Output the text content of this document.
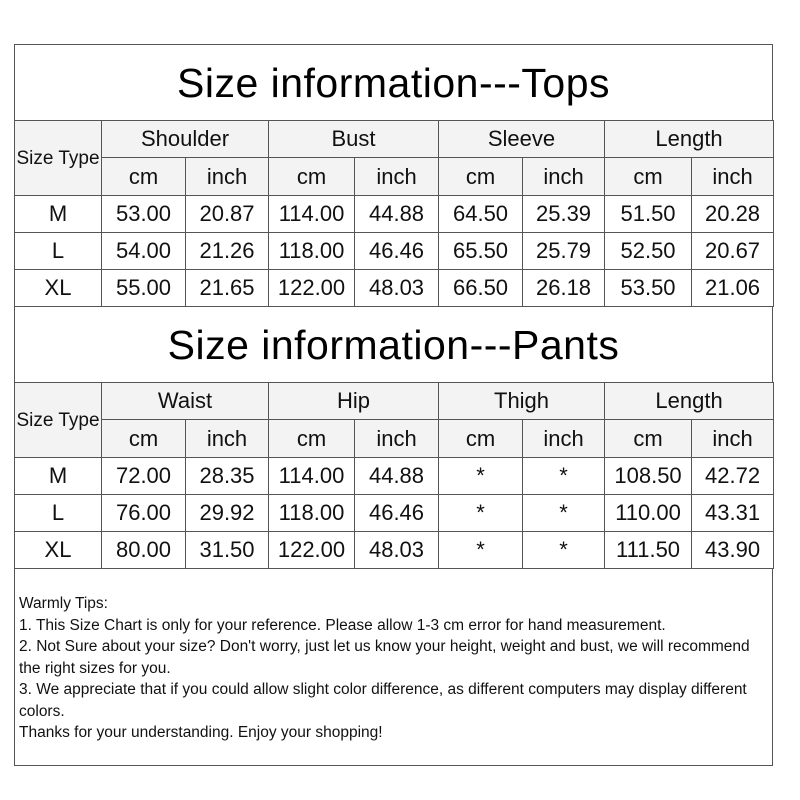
Size information---Tops
Size Type	Shoulder		Bust		Sleeve		Length	
	cm	inch	cm	inch	cm	inch	cm	inch
M	53.00	20.87	114.00	44.88	64.50	25.39	51.50	20.28
L	54.00	21.26	118.00	46.46	65.50	25.79	52.50	20.67
XL	55.00	21.65	122.00	48.03	66.50	26.18	53.50	21.06
Size information---Pants
Size Type	Waist		Hip		Thigh		Length	
	cm	inch	cm	inch	cm	inch	cm	inch
M	72.00	28.35	114.00	44.88	*	*	108.50	42.72
L	76.00	29.92	118.00	46.46	*	*	110.00	43.31
XL	80.00	31.50	122.00	48.03	*	*	111.50	43.90
Warmly Tips:
1. This Size Chart is only for your reference. Please allow 1-3 cm error for hand measurement.
2. Not Sure about your size? Don't worry, just let us know your height, weight and bust, we will recommend the right sizes for you.
3. We appreciate that if you could allow slight color difference, as different computers may display different colors.
Thanks for your understanding. Enjoy your shopping!
